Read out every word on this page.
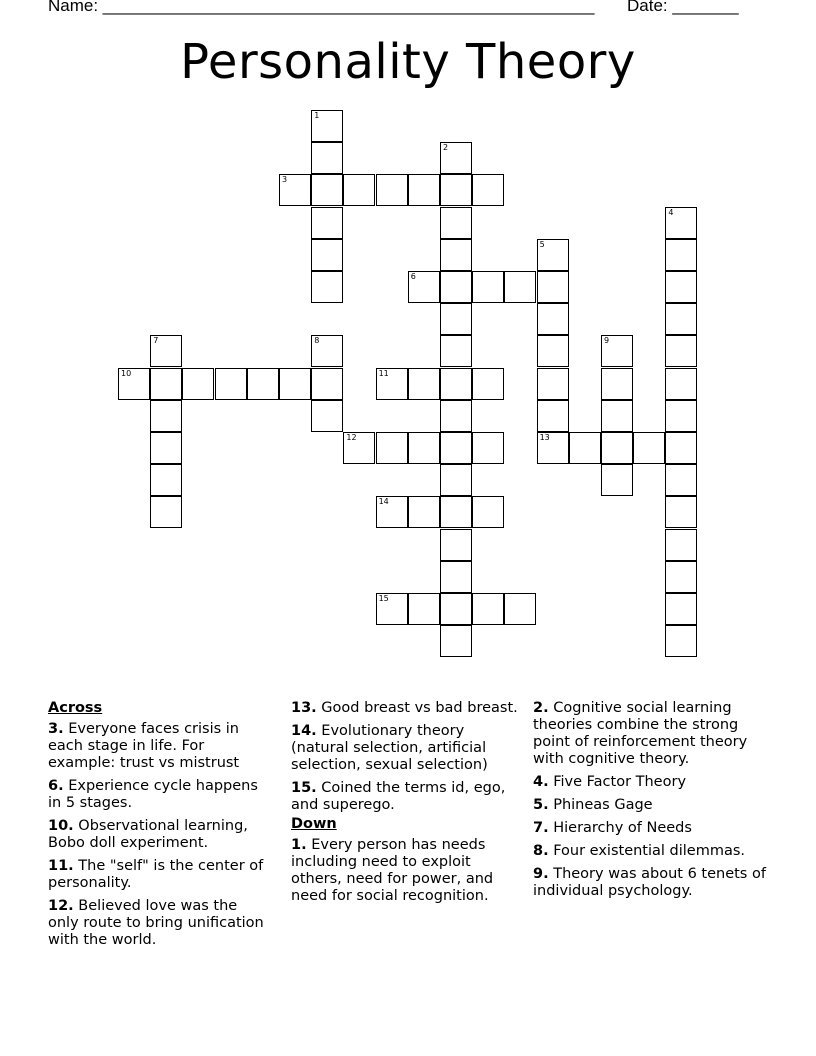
Name: ____________________________________________________ Date: _______
Personality Theory
1
2
3
4
5
6
7	8	9
10	11
12	13
14
15
Across
3. Everyone faces crisis in each stage in life. For example: trust vs mistrust
6. Experience cycle happens in 5 stages.
10. Observational learning, Bobo doll experiment.
11. The "self" is the center of personality.
12. Believed love was the only route to bring unification with the world.
13. Good breast vs bad breast.
14. Evolutionary theory (natural selection, artificial selection, sexual selection)
15. Coined the terms id, ego, and superego.
Down
1. Every person has needs including need to exploit others, need for power, and need for social recognition.
2. Cognitive social learning theories combine the strong point of reinforcement theory with cognitive theory.
4. Five Factor Theory
5. Phineas Gage
7. Hierarchy of Needs
8. Four existential dilemmas.
9. Theory was about 6 tenets of individual psychology.
